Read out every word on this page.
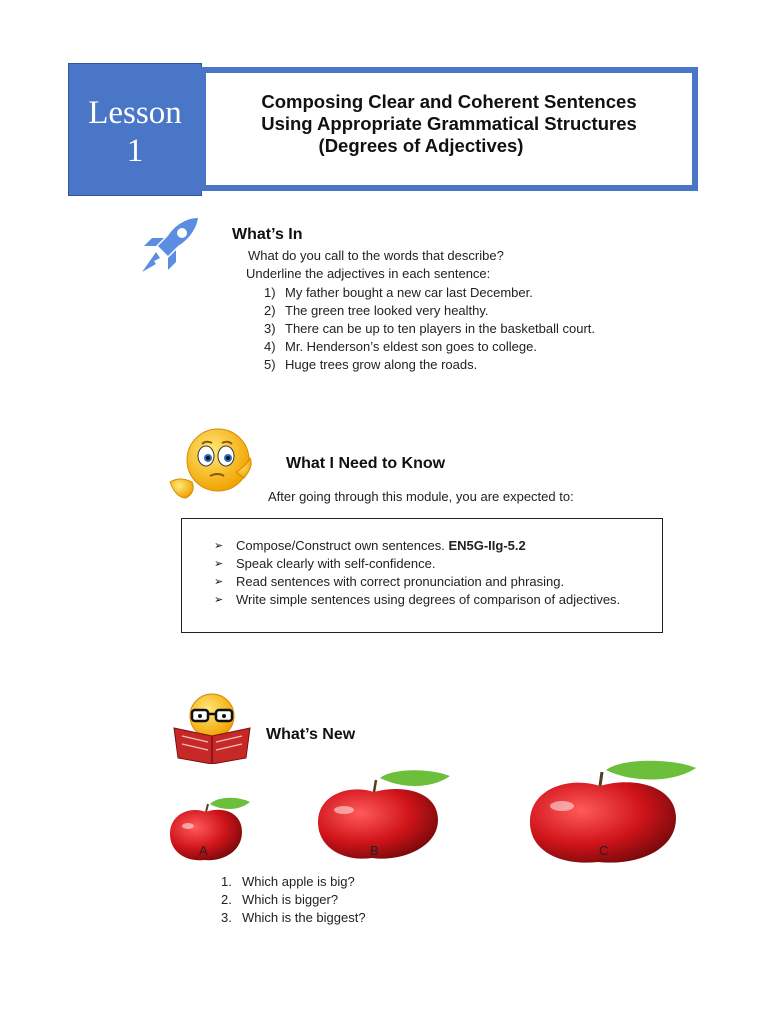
Lesson
1
Composing Clear and Coherent Sentences
Using Appropriate Grammatical Structures
(Degrees of Adjectives)
What’s In
What do you call to the words that describe?
Underline the adjectives in each sentence:
1) My father bought a new car last December.
2) The green tree looked very healthy.
3) There can be up to ten players in the basketball court.
4) Mr. Henderson’s eldest son goes to college.
5) Huge trees grow along the roads.
What I Need to Know
After going through this module, you are expected to:
➢ Compose/Construct own sentences. EN5G-IIg-5.2
➢ Speak clearly with self-confidence.
➢ Read sentences with correct pronunciation and phrasing.
➢ Write simple sentences using degrees of comparison of adjectives.
What’s New
A	B	C
1. Which apple is big?
2. Which is bigger?
3. Which is the biggest?
